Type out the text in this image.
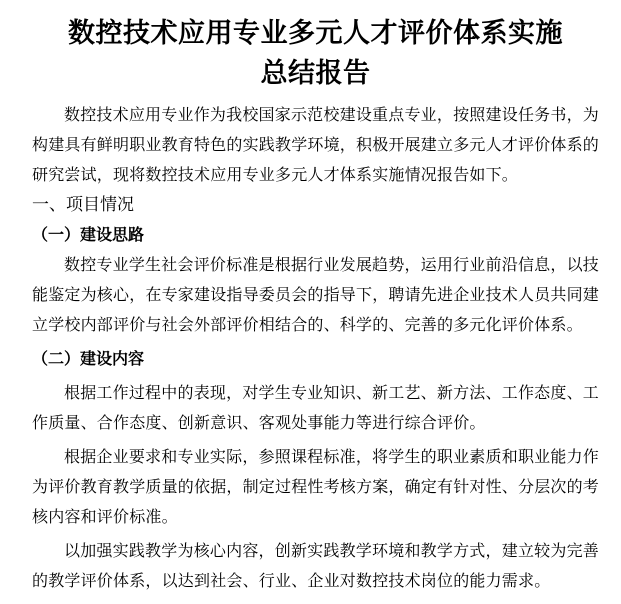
数控技术应用专业多元人才评价体系实施
总结报告

数控技术应用专业作为我校国家示范校建设重点专业，按照建设任务书，为构建具有鲜明职业教育特色的实践教学环境，积极开展建立多元人才评价体系的研究尝试，现将数控技术应用专业多元人才体系实施情况报告如下。

一、项目情况

（一）建设思路

数控专业学生社会评价标准是根据行业发展趋势，运用行业前沿信息，以技能鉴定为核心，在专家建设指导委员会的指导下，聘请先进企业技术人员共同建立学校内部评价与社会外部评价相结合的、科学的、完善的多元化评价体系。

（二）建设内容

根据工作过程中的表现，对学生专业知识、新工艺、新方法、工作态度、工作质量、合作态度、创新意识、客观处事能力等进行综合评价。

根据企业要求和专业实际，参照课程标准，将学生的职业素质和职业能力作为评价教育教学质量的依据，制定过程性考核方案，确定有针对性、分层次的考核内容和评价标准。

以加强实践教学为核心内容，创新实践教学环境和教学方式，建立较为完善的教学评价体系，以达到社会、行业、企业对数控技术岗位的能力需求。
